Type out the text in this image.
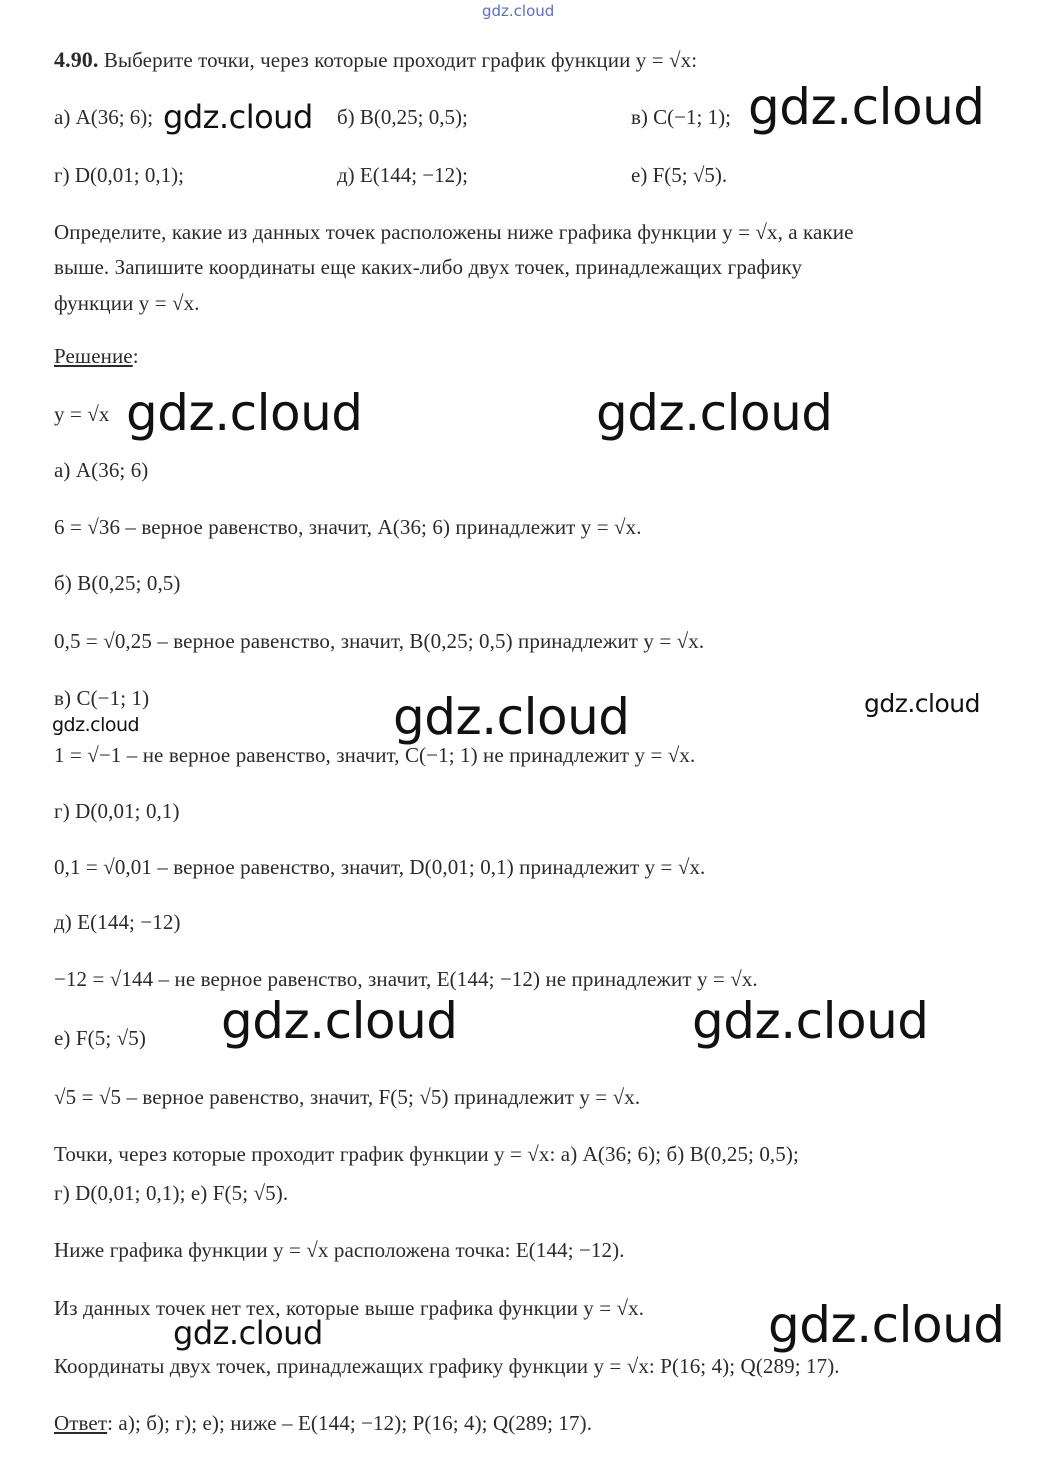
gdz.cloud
gdz.cloud	gdz.cloud
gdz.cloud	gdz.cloud
gdz.cloud	gdz.cloud
gdz.cloud
gdz.cloud	gdz.cloud
gdz.cloud	gdz.cloud
4.90. Выберите точки, через которые проходит график функции y = √x:
а) A(36; 6);	б) B(0,25; 0,5);	в) C(−1; 1);
г) D(0,01; 0,1);	д) E(144; −12);	е) F(5; √5).
Определите, какие из данных точек расположены ниже графика функции y = √x, а какие
выше. Запишите координаты еще каких-либо двух точек, принадлежащих графику
функции y = √x.
Решение:
y = √x
а) A(36; 6)
6 = √36 – верное равенство, значит, A(36; 6) принадлежит y = √x.
б) B(0,25; 0,5)
0,5 = √0,25 – верное равенство, значит, B(0,25; 0,5) принадлежит y = √x.
в) C(−1; 1)
1 = √−1 – не верное равенство, значит, C(−1; 1) не принадлежит y = √x.
г) D(0,01; 0,1)
0,1 = √0,01 – верное равенство, значит, D(0,01; 0,1) принадлежит y = √x.
д) E(144; −12)
−12 = √144 – не верное равенство, значит, E(144; −12) не принадлежит y = √x.
е) F(5; √5)
√5 = √5 – верное равенство, значит, F(5; √5) принадлежит y = √x.
Точки, через которые проходит график функции y = √x: а) A(36; 6); б) B(0,25; 0,5);
г) D(0,01; 0,1); е) F(5; √5).
Ниже графика функции y = √x расположена точка: E(144; −12).
Из данных точек нет тех, которые выше графика функции y = √x.
Координаты двух точек, принадлежащих графику функции y = √x: P(16; 4); Q(289; 17).
Ответ: а); б); г); е); ниже – E(144; −12); P(16; 4); Q(289; 17).
